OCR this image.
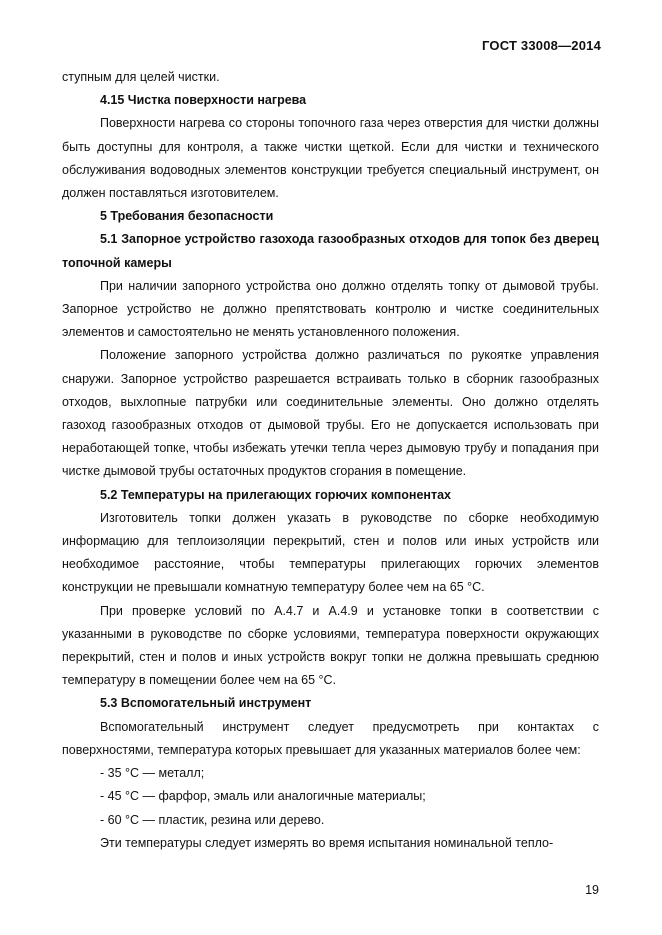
ГОСТ 33008—2014

ступным для целей чистки.

4.15 Чистка поверхности нагрева

Поверхности нагрева со стороны топочного газа через отверстия для чистки должны быть доступны для контроля, а также чистки щеткой. Если для чистки и технического обслуживания водоводных элементов конструкции требуется специальный инструмент, он должен поставляться изготовителем.

5 Требования безопасности

5.1 Запорное устройство газохода газообразных отходов для топок без дверец топочной камеры

При наличии запорного устройства оно должно отделять топку от дымовой трубы. Запорное устройство не должно препятствовать контролю и чистке соединительных элементов и самостоятельно не менять установленного положения.

Положение запорного устройства должно различаться по рукоятке управления снаружи. Запорное устройство разрешается встраивать только в сборник газообразных отходов, выхлопные патрубки или соединительные элементы. Оно должно отделять газоход газообразных отходов от дымовой трубы. Его не допускается использовать при неработающей топке, чтобы избежать утечки тепла через дымовую трубу и попадания при чистке дымовой трубы остаточных продуктов сгорания в помещение.

5.2 Температуры на прилегающих горючих компонентах

Изготовитель топки должен указать в руководстве по сборке необходимую информацию для теплоизоляции перекрытий, стен и полов или иных устройств или необходимое расстояние, чтобы температуры прилегающих горючих элементов конструкции не превышали комнатную температуру более чем на 65 °С.

При проверке условий по А.4.7 и А.4.9 и установке топки в соответствии с указанными в руководстве по сборке условиями, температура поверхности окружающих перекрытий, стен и полов и иных устройств вокруг топки не должна превышать среднюю температуру в помещении более чем на 65 °С.

5.3 Вспомогательный инструмент

Вспомогательный инструмент следует предусмотреть при контактах с поверхностями, температура которых превышает для указанных материалов более чем:

- 35 °С — металл;

- 45 °С — фарфор, эмаль или аналогичные материалы;

- 60 °С — пластик, резина или дерево.

Эти температуры следует измерять во время испытания номинальной тепло-

19
